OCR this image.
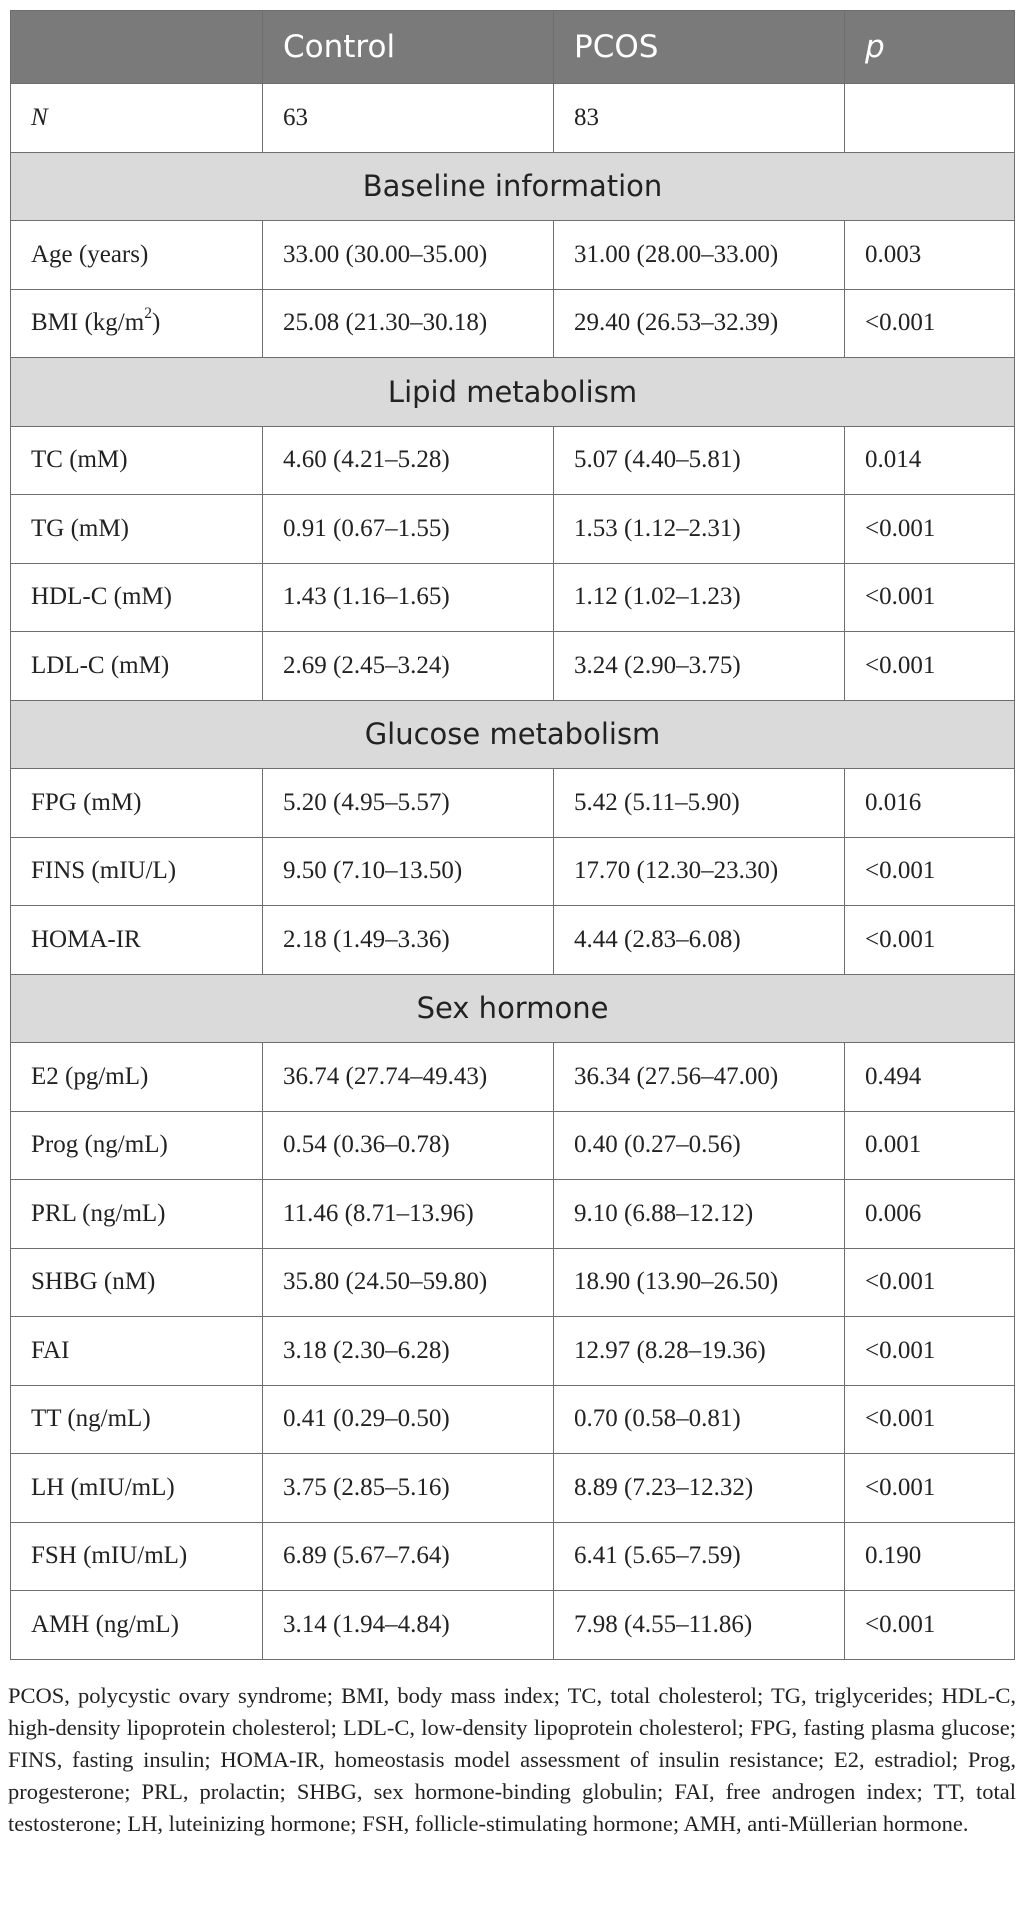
	Control	PCOS	p
N	63	83	
Baseline information			
Age (years)	33.00 (30.00–35.00)	31.00 (28.00–33.00)	0.003
BMI $(kg/m^2)$	25.08 (21.30–30.18)	29.40 (26.53–32.39)	<0.001
Lipid metabolism			
TC (mM)	4.60 (4.21–5.28)	5.07 (4.40–5.81)	0.014
TG (mM)	0.91 (0.67–1.55)	1.53 (1.12–2.31)	<0.001
HDL-C (mM)	1.43 (1.16–1.65)	1.12 (1.02–1.23)	<0.001
LDL-C (mM)	2.69 (2.45–3.24)	3.24 (2.90–3.75)	<0.001
Glucose metabolism			
FPG (mM)	5.20 (4.95–5.57)	5.42 (5.11–5.90)	0.016
FINS (mIU/L)	9.50 (7.10–13.50)	17.70 (12.30–23.30)	<0.001
HOMA-IR	2.18 (1.49–3.36)	4.44 (2.83–6.08)	<0.001
Sex hormone			
E2 (pg/mL)	36.74 (27.74–49.43)	36.34 (27.56–47.00)	0.494
Prog (ng/mL)	0.54 (0.36–0.78)	0.40 (0.27–0.56)	0.001
PRL (ng/mL)	11.46 (8.71–13.96)	9.10 (6.88–12.12)	0.006
SHBG (nM)	35.80 (24.50–59.80)	18.90 (13.90–26.50)	<0.001
FAI	3.18 (2.30–6.28)	12.97 (8.28–19.36)	<0.001
TT (ng/mL)	0.41 (0.29–0.50)	0.70 (0.58–0.81)	<0.001
LH (mIU/mL)	3.75 (2.85–5.16)	8.89 (7.23–12.32)	<0.001
FSH (mIU/mL)	6.89 (5.67–7.64)	6.41 (5.65–7.59)	0.190
AMH (ng/mL)	3.14 (1.94–4.84)	7.98 (4.55–11.86)	<0.001

PCOS, polycystic ovary syndrome; BMI, body mass index; TC, total cholesterol; TG, triglycerides; HDL-C, high-density lipoprotein cholesterol; LDL-C, low-density lipoprotein cholesterol; FPG, fasting plasma glucose; FINS, fasting insulin; HOMA-IR, homeostasis model assessment of insulin resistance; E2, estradiol; Prog, progesterone; PRL, prolactin; SHBG, sex hormone-binding globulin; FAI, free androgen index; TT, total testosterone; LH, luteinizing hormone; FSH, follicle-stimulating hormone; AMH, anti-Müllerian hormone.
